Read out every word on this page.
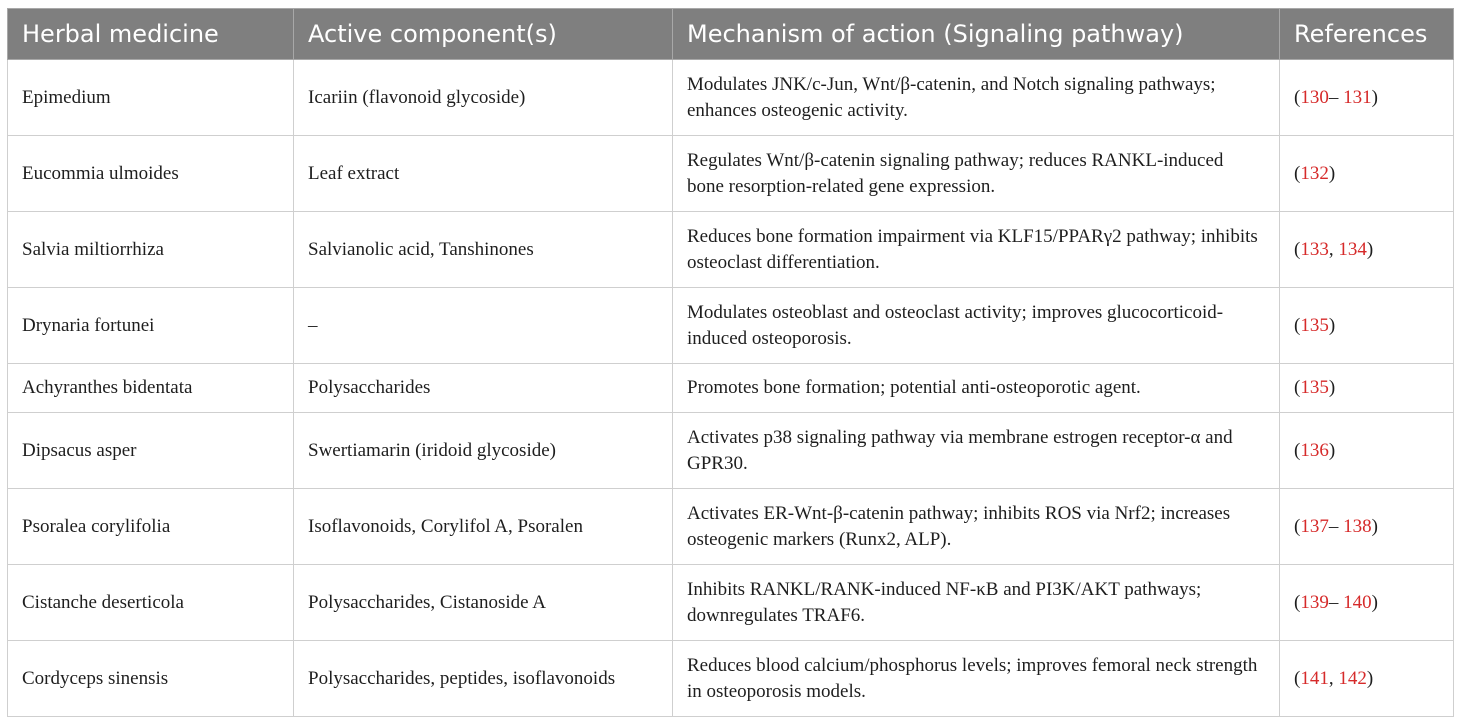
Herbal medicine	Active component(s)	Mechanism of action (Signaling pathway)	References
Epimedium	Icariin (flavonoid glycoside)	Modulates JNK/c-Jun, Wnt/β-catenin, and Notch signaling pathways; enhances osteogenic activity.	(130– 131)
Eucommia ulmoides	Leaf extract	Regulates Wnt/β-catenin signaling pathway; reduces RANKL-induced bone resorption-related gene expression.	(132)
Salvia miltiorrhiza	Salvianolic acid, Tanshinones	Reduces bone formation impairment via KLF15/PPARγ2 pathway; inhibits osteoclast differentiation.	(133, 134)
Drynaria fortunei	–	Modulates osteoblast and osteoclast activity; improves glucocorticoid-induced osteoporosis.	(135)
Achyranthes bidentata	Polysaccharides	Promotes bone formation; potential anti-osteoporotic agent.	(135)
Dipsacus asper	Swertiamarin (iridoid glycoside)	Activates p38 signaling pathway via membrane estrogen receptor-α and GPR30.	(136)
Psoralea corylifolia	Isoflavonoids, Corylifol A, Psoralen	Activates ER-Wnt-β-catenin pathway; inhibits ROS via Nrf2; increases osteogenic markers (Runx2, ALP).	(137– 138)
Cistanche deserticola	Polysaccharides, Cistanoside A	Inhibits RANKL/RANK-induced NF-κB and PI3K/AKT pathways; downregulates TRAF6.	(139– 140)
Cordyceps sinensis	Polysaccharides, peptides, isoflavonoids	Reduces blood calcium/phosphorus levels; improves femoral neck strength in osteoporosis models.	(141, 142)
